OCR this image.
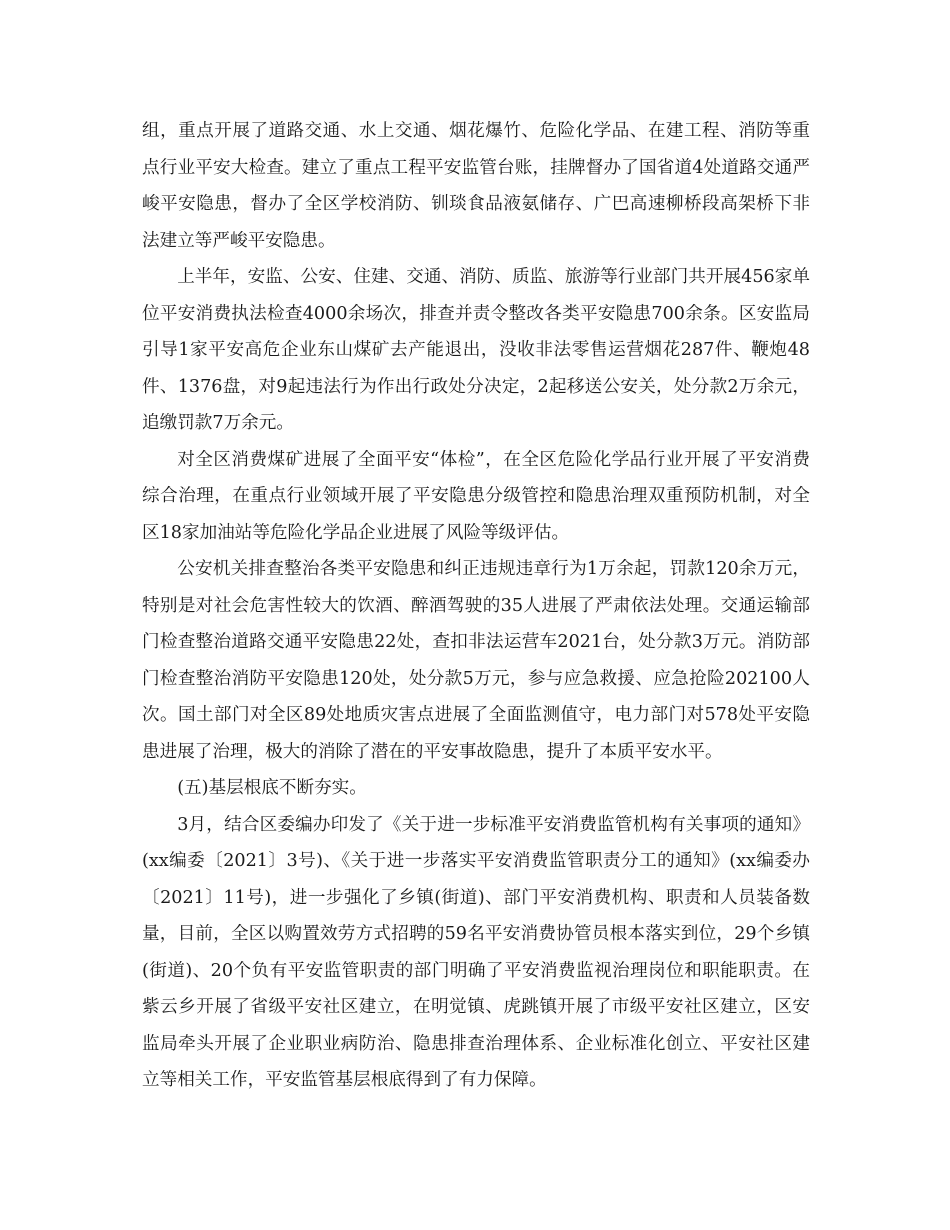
组，重点开展了道路交通、水上交通、烟花爆竹、危险化学品、在建工程、消防等重点行业平安大检查。建立了重点工程平安监管台账，挂牌督办了国省道4处道路交通严峻平安隐患，督办了全区学校消防、钏琰食品液氨储存、广巴高速柳桥段高架桥下非法建立等严峻平安隐患。

上半年，安监、公安、住建、交通、消防、质监、旅游等行业部门共开展456家单位平安消费执法检查4000余场次，排查并责令整改各类平安隐患700余条。区安监局引导1家平安高危企业东山煤矿去产能退出，没收非法零售运营烟花287件、鞭炮48件、1376盘，对9起违法行为作出行政处分决定，2起移送公安关，处分款2万余元，追缴罚款7万余元。

对全区消费煤矿进展了全面平安“体检”，在全区危险化学品行业开展了平安消费综合治理，在重点行业领域开展了平安隐患分级管控和隐患治理双重预防机制，对全区18家加油站等危险化学品企业进展了风险等级评估。

公安机关排查整治各类平安隐患和纠正违规违章行为1万余起，罚款120余万元，特别是对社会危害性较大的饮酒、醉酒驾驶的35人进展了严肃依法处理。交通运输部门检查整治道路交通平安隐患22处，查扣非法运营车2021台，处分款3万元。消防部门检查整治消防平安隐患120处，处分款5万元，参与应急救援、应急抢险202100人次。国土部门对全区89处地质灾害点进展了全面监测值守，电力部门对578处平安隐患进展了治理，极大的消除了潜在的平安事故隐患，提升了本质平安水平。

(五)基层根底不断夯实。

3月，结合区委编办印发了《关于进一步标准平安消费监管机构有关事项的通知》(xx编委〔2021〕3号)、《关于进一步落实平安消费监管职责分工的通知》(xx编委办〔2021〕11号)，进一步强化了乡镇(街道)、部门平安消费机构、职责和人员装备数量，目前，全区以购置效劳方式招聘的59名平安消费协管员根本落实到位，29个乡镇(街道)、20个负有平安监管职责的部门明确了平安消费监视治理岗位和职能职责。在紫云乡开展了省级平安社区建立，在明觉镇、虎跳镇开展了市级平安社区建立，区安监局牵头开展了企业职业病防治、隐患排查治理体系、企业标准化创立、平安社区建立等相关工作，平安监管基层根底得到了有力保障。
